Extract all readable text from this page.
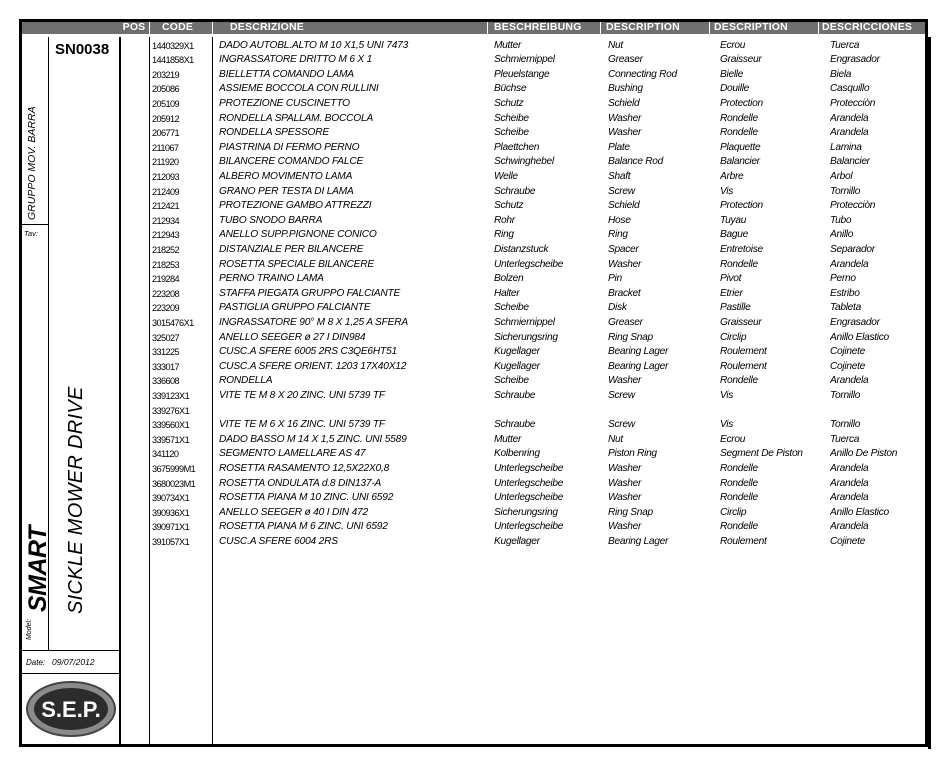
POS	CODE	DESCRIZIONE	BESCHREIBUNG	DESCRIPTION	DESCRIPTION	DESCRICCIONES
SN0038
GRUPPO MOV. BARRA
Tav:
SICKLE MOWER DRIVE
Model:
SMART
Date: 09/07/2012
S.E.P.
1440329X1	DADO AUTOBL.ALTO M 10 X1,5 UNI 7473	Mutter	Nut	Ecrou	Tuerca
1441858X1	INGRASSATORE DRITTO M 6 X 1	Schmiernippel	Greaser	Graisseur	Engrasador
203219	BIELLETTA COMANDO LAMA	Pleuelstange	Connecting Rod	Bielle	Biela
205086	ASSIEME BOCCOLA CON RULLINI	Büchse	Bushing	Douille	Casquillo
205109	PROTEZIONE CUSCINETTO	Schutz	Schield	Protection	Protecciòn
205912	RONDELLA SPALLAM. BOCCOLA	Scheibe	Washer	Rondelle	Arandela
206771	RONDELLA SPESSORE	Scheibe	Washer	Rondelle	Arandela
211067	PIASTRINA DI FERMO PERNO	Plaettchen	Plate	Plaquette	Lamina
211920	BILANCERE COMANDO FALCE	Schwinghebel	Balance Rod	Balancier	Balancier
212093	ALBERO MOVIMENTO LAMA	Welle	Shaft	Arbre	Arbol
212409	GRANO PER TESTA DI LAMA	Schraube	Screw	Vis	Tornillo
212421	PROTEZIONE GAMBO ATTREZZI	Schutz	Schield	Protection	Protecciòn
212934	TUBO SNODO BARRA	Rohr	Hose	Tuyau	Tubo
212943	ANELLO SUPP.PIGNONE CONICO	Ring	Ring	Bague	Anillo
218252	DISTANZIALE PER BILANCERE	Distanzstuck	Spacer	Entretoise	Separador
218253	ROSETTA SPECIALE BILANCERE	Unterlegscheibe	Washer	Rondelle	Arandela
219284	PERNO TRAINO LAMA	Bolzen	Pin	Pivot	Perno
223208	STAFFA PIEGATA GRUPPO FALCIANTE	Halter	Bracket	Etrier	Estribo
223209	PASTIGLIA GRUPPO FALCIANTE	Scheibe	Disk	Pastille	Tableta
3015476X1	INGRASSATORE 90° M 8 X 1,25 A SFERA	Schmiernippel	Greaser	Graisseur	Engrasador
325027	ANELLO SEEGER ø 27 I DIN984	Sicherungsring	Ring Snap	Circlip	Anillo Elastico
331225	CUSC.A SFERE 6005 2RS C3QE6HT51	Kugellager	Bearing Lager	Roulement	Cojinete
333017	CUSC.A SFERE ORIENT. 1203 17X40X12	Kugellager	Bearing Lager	Roulement	Cojinete
336608	RONDELLA	Scheibe	Washer	Rondelle	Arandela
339123X1	VITE TE M 8 X 20 ZINC. UNI 5739 TF	Schraube	Screw	Vis	Tornillo
339276X1
339560X1	VITE TE M 6 X 16 ZINC. UNI 5739 TF	Schraube	Screw	Vis	Tornillo
339571X1	DADO BASSO M 14 X 1,5 ZINC. UNI 5589	Mutter	Nut	Ecrou	Tuerca
341120	SEGMENTO LAMELLARE AS 47	Kolbenring	Piston Ring	Segment De Piston	Anillo De Piston
3675999M1	ROSETTA RASAMENTO 12,5X22X0,8	Unterlegscheibe	Washer	Rondelle	Arandela
3680023M1	ROSETTA ONDULATA d.8 DIN137-A	Unterlegscheibe	Washer	Rondelle	Arandela
390734X1	ROSETTA PIANA M 10 ZINC. UNI 6592	Unterlegscheibe	Washer	Rondelle	Arandela
390936X1	ANELLO SEEGER ø 40 I DIN 472	Sicherungsring	Ring Snap	Circlip	Anillo Elastico
390971X1	ROSETTA PIANA M 6 ZINC. UNI 6592	Unterlegscheibe	Washer	Rondelle	Arandela
391057X1	CUSC.A SFERE 6004 2RS	Kugellager	Bearing Lager	Roulement	Cojinete
